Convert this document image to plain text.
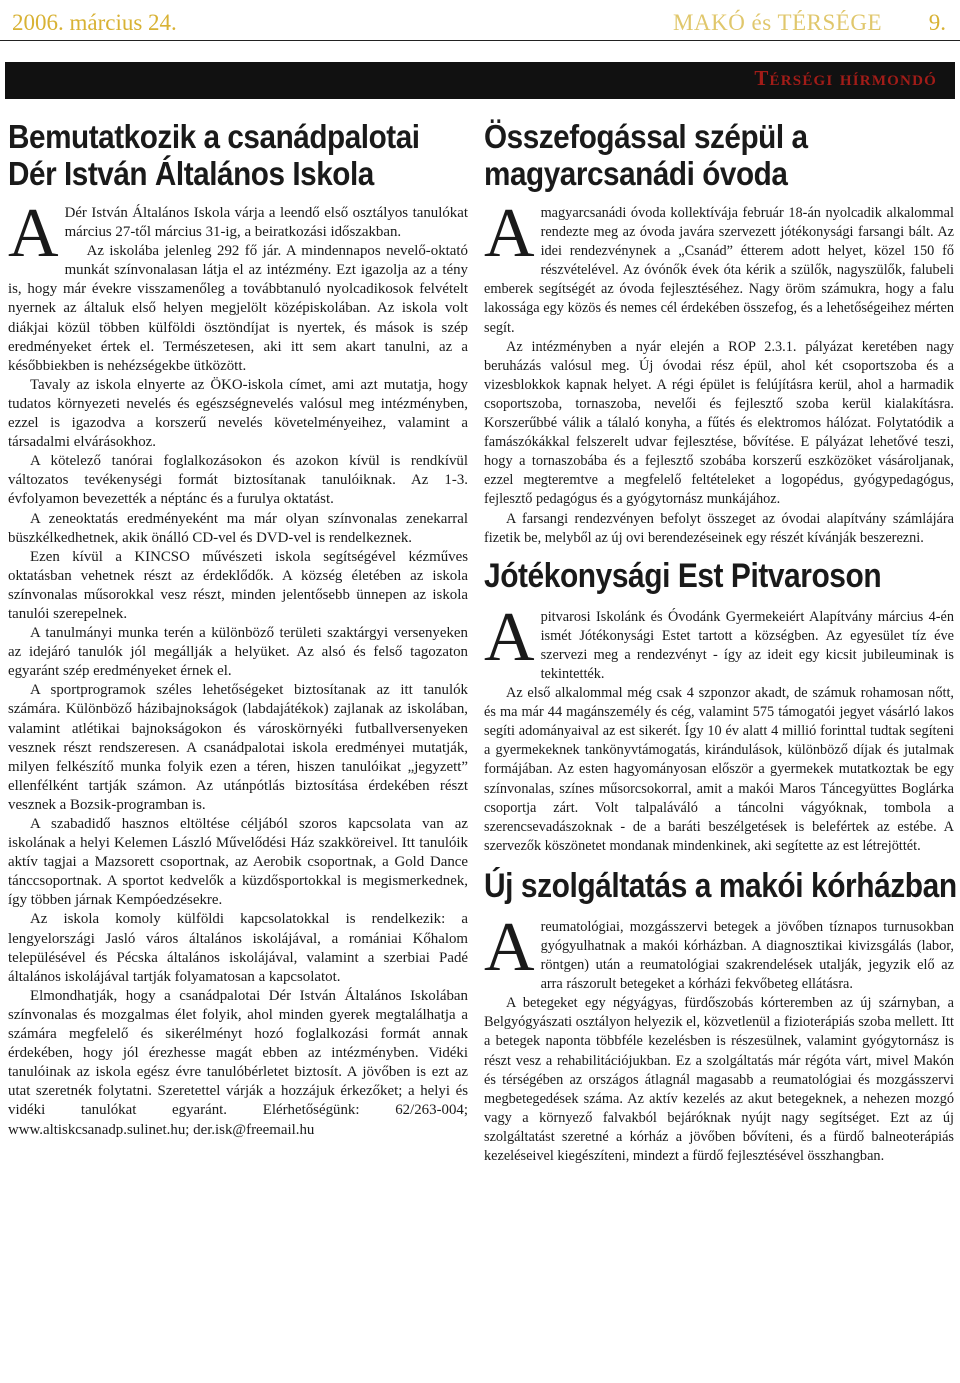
2006. március 24.	MAKÓ és TÉRSÉGE 9.
Térségi hírmondó
Bemutatkozik a csanádpalotai Dér István Általános Iskola

A Dér István Általános Iskola várja a leendő első osztályos tanulókat március 27-től március 31-ig, a beiratkozási időszakban.

Az iskolába jelenleg 292 fő jár. A mindennapos nevelő-oktató munkát színvonalasan látja el az intézmény. Ezt igazolja az a tény is, hogy már évekre visszamenőleg a továbbtanuló nyolcadikosok felvételt nyernek az általuk első helyen megjelölt középiskolában. Az iskola volt diákjai közül többen külföldi ösztöndíjat is nyertek, és mások is szép eredményeket értek el. Természetesen, aki itt sem akart tanulni, az a későbbiekben is nehézségekbe ütközött.

Tavaly az iskola elnyerte az ÖKO-iskola címet, ami azt mutatja, hogy tudatos környezeti nevelés és egészségnevelés valósul meg intézményben, ezzel is igazodva a korszerű nevelés követelményeihez, valamint a társadalmi elvárásokhoz.

A kötelező tanórai foglalkozásokon és azokon kívül is rendkívül változatos tevékenységi formát biztosítanak tanulóiknak. Az 1-3. évfolyamon bevezették a néptánc és a furulya oktatást.

A zeneoktatás eredményeként ma már olyan színvonalas zenekarral büszkélkedhetnek, akik önálló CD-vel és DVD-vel is rendelkeznek.

Ezen kívül a KINCSO művészeti iskola segítségével kézműves oktatásban vehetnek részt az érdeklődők. A község életében az iskola színvonalas műsorokkal vesz részt, minden jelentősebb ünnepen az iskola tanulói szerepelnek.

A tanulmányi munka terén a különböző területi szaktárgyi versenyeken az idejáró tanulók jól megállják a helyüket. Az alsó és felső tagozaton egyaránt szép eredményeket érnek el.

A sportprogramok széles lehetőségeket biztosítanak az itt tanulók számára. Különböző házibajnokságok (labdajátékok) zajlanak az iskolában, valamint atlétikai bajnokságokon és városkörnyéki futballversenyeken vesznek részt rendszeresen. A csanádpalotai iskola eredményei mutatják, milyen felkészítő munka folyik ezen a téren, hiszen tanulóikat „jegyzett” ellenfélként tartják számon. Az utánpótlás biztosítása érdekében részt vesznek a Bozsik-programban is.

A szabadidő hasznos eltöltése céljából szoros kapcsolata van az iskolának a helyi Kelemen László Művelődési Ház szakköreivel. Itt tanulóik aktív tagjai a Mazsorett csoportnak, az Aerobik csoportnak, a Gold Dance tánccsoportnak. A sportot kedvelők a küzdősportokkal is megismerkednek, így többen járnak Kempóedzésekre.

Az iskola komoly külföldi kapcsolatokkal is rendelkezik: a lengyelországi Jasló város általános iskolájával, a romániai Kőhalom településével és Pécska általános iskolájával, valamint a szerbiai Padé általános iskolájával tartják folyamatosan a kapcsolatot.

Elmondhatják, hogy a csanádpalotai Dér István Általános Iskolában színvonalas és mozgalmas élet folyik, ahol minden gyerek megtalálhatja a számára megfelelő és sikerélményt hozó foglalkozási formát annak érdekében, hogy jól érezhesse magát ebben az intézményben. Vidéki tanulóinak az iskola egész évre tanulóbérletet biztosít. A jövőben is ezt az utat szeretnék folytatni. Szeretettel várják a hozzájuk érkezőket; a helyi és vidéki tanulókat egyaránt. Elérhetőségünk: 62/263-004; www.altiskcsanadp.sulinet.hu; der.isk@freemail.hu

Összefogással szépül a magyarcsanádi óvoda

Amagyarcsanádi óvoda kollektívája február 18-án nyolcadik alkalommal rendezte meg az óvoda javára szervezett jótékonysági farsangi bált. Az idei rendezvénynek a „Csanád” étterem adott helyet, közel 150 fő részvételével. Az óvónők évek óta kérik a szülők, nagyszülők, falubeli emberek segítségét az óvoda fejlesztéséhez. Nagy öröm számukra, hogy a falu lakossága egy közös és nemes cél érdekében összefog, és a lehetőségeihez mérten segít.

Az intézményben a nyár elején a ROP 2.3.1. pályázat keretében nagy beruházás valósul meg. Új óvodai rész épül, ahol két csoportszoba és a vizesblokkok kapnak helyet. A régi épület is felújításra kerül, ahol a harmadik csoportszoba, tornaszoba, nevelői és fejlesztő szoba kerül kialakításra. Korszerűbbé válik a tálaló konyha, a fűtés és elektromos hálózat. Folytatódik a famászókákkal felszerelt udvar fejlesztése, bővítése. E pályázat lehetővé teszi, hogy a tornaszobába és a fejlesztő szobába korszerű eszközöket vásároljanak, ezzel megteremtve a megfelelő feltételeket a logopédus, gyógypedagógus, fejlesztő pedagógus és a gyógytornász munkájához.

A farsangi rendezvényen befolyt összeget az óvodai alapítvány számlájára fizetik be, melyből az új ovi berendezéseinek egy részét kívánják beszerezni.

Jótékonysági Est Pitvaroson

Apitvarosi Iskolánk és Óvodánk Gyermekeiért Alapítvány március 4-én ismét Jótékonysági Estet tartott a községben. Az egyesület tíz éve szervezi meg a rendezvényt - így az ideit egy kicsit jubileuminak is tekintették.

Az első alkalommal még csak 4 szponzor akadt, de számuk rohamosan nőtt, és ma már 44 magánszemély és cég, valamint 575 támogatói jegyet vásárló lakos segíti adományaival az est sikerét. Így 10 év alatt 4 millió forinttal tudtak segíteni a gyermekeknek tankönyvtámogatás, kirándulások, különböző díjak és jutalmak formájában. Az esten hagyományosan először a gyermekek mutatkoztak be egy színvonalas, színes műsorcsokorral, amit a makói Maros Táncegyüttes Boglárka csoportja zárt. Volt talpaláváló a táncolni vágyóknak, tombola a szerencsevadászoknak - de a baráti beszélgetések is belefértek az estébe. A szervezők köszönetet mondanak mindenkinek, aki segítette az est létrejöttét.

Új szolgáltatás a makói kórházban

Areumatológiai, mozgásszervi betegek a jövőben tíznapos turnusokban gyógyulhatnak a makói kórházban. A diagnosztikai kivizsgálás (labor, röntgen) után a reumatológiai szakrendelések utalják, jegyzik elő az arra rászorult betegeket a kórházi fekvőbeteg ellátásra.

A betegeket egy négyágyas, fürdőszobás kórteremben az új szárnyban, a Belgyógyászati osztályon helyezik el, közvetlenül a fizioterápiás szoba mellett. Itt a betegek naponta többféle kezelésben is részesülnek, valamint gyógytornász is részt vesz a rehabilitációjukban. Ez a szolgáltatás már régóta várt, mivel Makón és térségében az országos átlagnál magasabb a reumatológiai és mozgásszervi megbetegedések száma. Az aktív kezelés az akut betegeknek, a nehezen mozgó vagy a környező falvakból bejáróknak nyújt nagy segítséget. Ezt az új szolgáltatást szeretné a kórház a jövőben bővíteni, és a fürdő balneoterápiás kezeléseivel kiegészíteni, mindezt a fürdő fejlesztésével összhangban.
